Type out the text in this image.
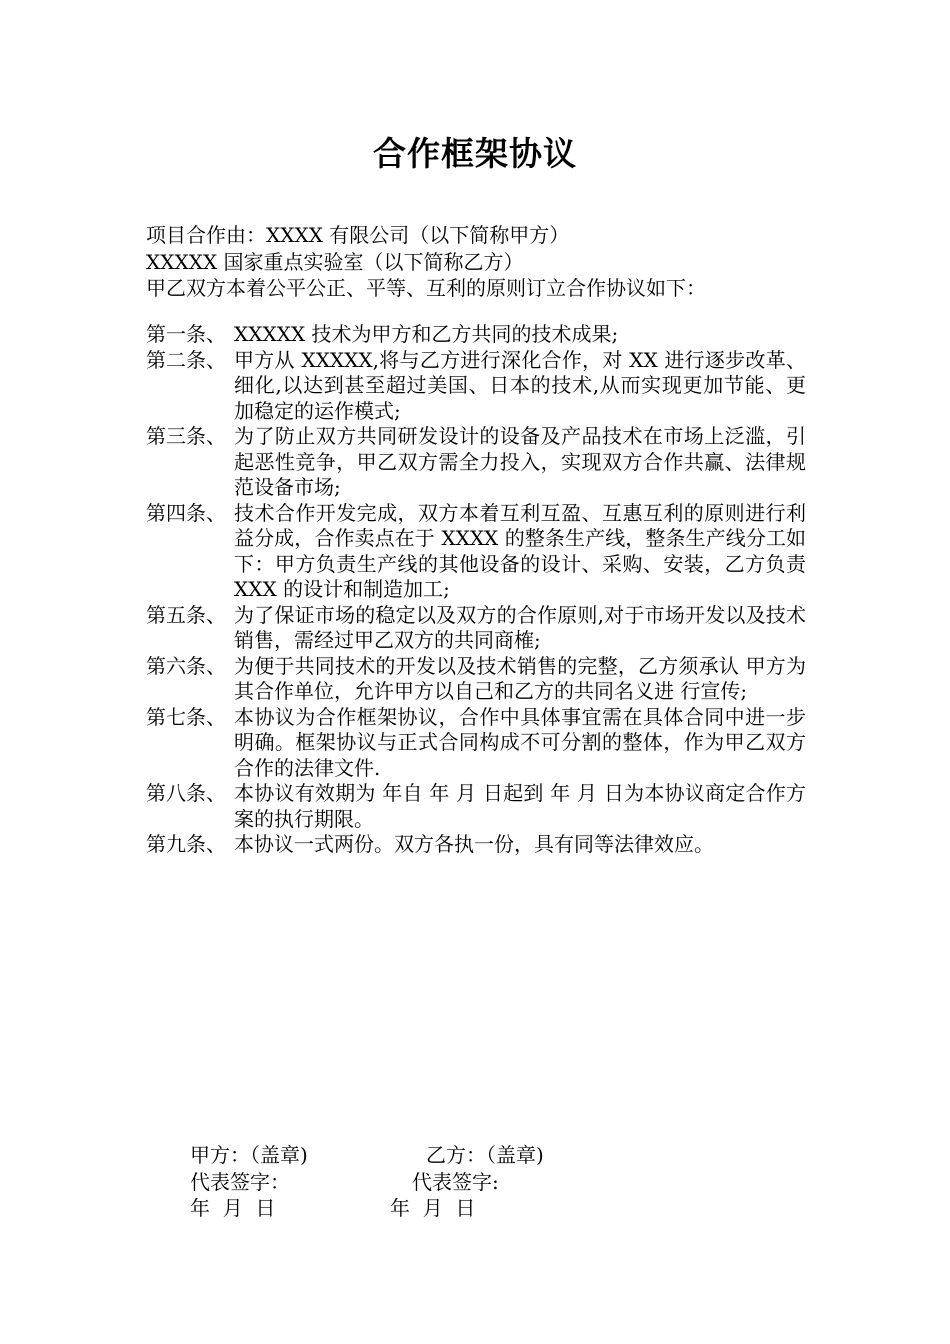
合作框架协议
项目合作由：XXXX 有限公司（以下简称甲方）
XXXXX 国家重点实验室（以下简称乙方）
甲乙双方本着公平公正、平等、互利的原则订立合作协议如下：
第一条、 XXXXX 技术为甲方和乙方共同的技术成果;
第二条、 甲方从 XXXXX,将与乙方进行深化合作，对 XX 进行逐步改革、细化,以达到甚至超过美国、日本的技术,从而实现更加节能、更加稳定的运作模式;
第三条、 为了防止双方共同研发设计的设备及产品技术在市场上泛滥，引起恶性竞争，甲乙双方需全力投入，实现双方合作共赢、法律规范设备市场;
第四条、 技术合作开发完成，双方本着互利互盈、互惠互利的原则进行利益分成，合作卖点在于 XXXX 的整条生产线，整条生产线分工如下：甲方负责生产线的其他设备的设计、采购、安装，乙方负责 XXX 的设计和制造加工;
第五条、 为了保证市场的稳定以及双方的合作原则,对于市场开发以及技术销售，需经过甲乙双方的共同商榷;
第六条、 为便于共同技术的开发以及技术销售的完整，乙方须承认 甲方为其合作单位，允许甲方以自己和乙方的共同名义进 行宣传;
第七条、 本协议为合作框架协议，合作中具体事宜需在具体合同中进一步明确。框架协议与正式合同构成不可分割的整体，作为甲乙双方合作的法律文件.
第八条、 本协议有效期为 年自 年 月 日起到 年 月 日为本协议商定合作方案的执行期限。
第九条、 本协议一式两份。双方各执一份，具有同等法律效应。
甲方：（盖章)
代表签字：
年  月  日
乙方：（盖章)
代表签字:
年  月  日
